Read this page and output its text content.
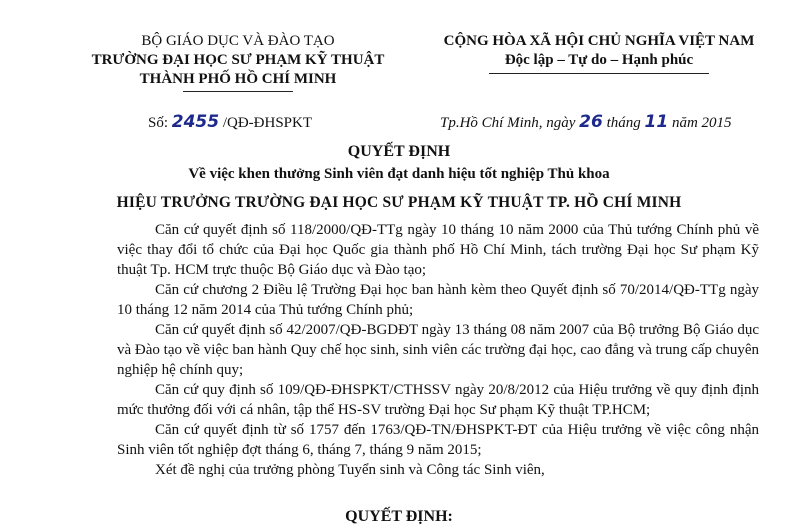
BỘ GIÁO DỤC VÀ ĐÀO TẠO
TRƯỜNG ĐẠI HỌC SƯ PHẠM KỸ THUẬT
THÀNH PHỐ HỒ CHÍ MINH
CỘNG HÒA XÃ HỘI CHỦ NGHĨA VIỆT NAM
Độc lập – Tự do – Hạnh phúc
Số: 2455 /QĐ-ĐHSPKT	Tp.Hồ Chí Minh, ngày 26 tháng 11 năm 2015
QUYẾT ĐỊNH
Về việc khen thưởng Sinh viên đạt danh hiệu tốt nghiệp Thủ khoa
HIỆU TRƯỞNG TRƯỜNG ĐẠI HỌC SƯ PHẠM KỸ THUẬT TP. HỒ CHÍ MINH

Căn cứ quyết định số 118/2000/QĐ-TTg ngày 10 tháng 10 năm 2000 của Thủ tướng Chính phủ về việc thay đổi tổ chức của Đại học Quốc gia thành phố Hồ Chí Minh, tách trường Đại học Sư phạm Kỹ thuật Tp. HCM trực thuộc Bộ Giáo dục và Đào tạo;

Căn cứ chương 2 Điều lệ Trường Đại học ban hành kèm theo Quyết định số 70/2014/QĐ-TTg ngày 10 tháng 12 năm 2014 của Thủ tướng Chính phủ;

Căn cứ quyết định số 42/2007/QĐ-BGDĐT ngày 13 tháng 08 năm 2007 của Bộ trưởng Bộ Giáo dục và Đào tạo về việc ban hành Quy chế học sinh, sinh viên các trường đại học, cao đẳng và trung cấp chuyên nghiệp hệ chính quy;

Căn cứ quy định số 109/QĐ-ĐHSPKT/CTHSSV ngày 20/8/2012 của Hiệu trưởng về quy định định mức thưởng đối với cá nhân, tập thể HS-SV trường Đại học Sư phạm Kỹ thuật TP.HCM;

Căn cứ quyết định từ số 1757 đến 1763/QĐ-TN/ĐHSPKT-ĐT của Hiệu trưởng về việc công nhận Sinh viên tốt nghiệp đợt tháng 6, tháng 7, tháng 9 năm 2015;

Xét đề nghị của trưởng phòng Tuyển sinh và Công tác Sinh viên,

QUYẾT ĐỊNH:
